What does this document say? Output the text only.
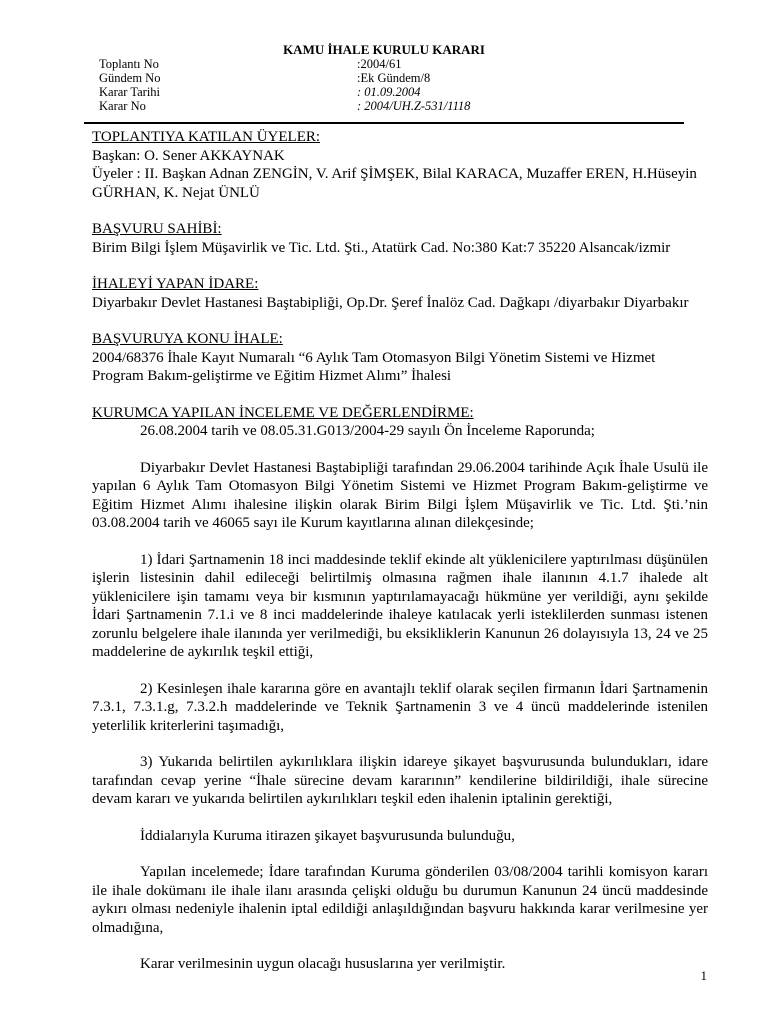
KAMU İHALE KURULU KARARI
Toplantı No	:2004/61
Gündem No	:Ek Gündem/8
Karar Tarihi	: 01.09.2004
Karar No	: 2004/UH.Z-531/1118

TOPLANTIYA KATILAN ÜYELER:

Başkan: O. Sener AKKAYNAK

Üyeler : II. Başkan Adnan ZENGİN, V. Arif ŞİMŞEK, Bilal KARACA, Muzaffer EREN, H.Hüseyin GÜRHAN, K. Nejat ÜNLÜ

BAŞVURU SAHİBİ:

Birim Bilgi İşlem Müşavirlik ve Tic. Ltd. Şti., Atatürk Cad. No:380 Kat:7 35220 Alsancak/izmir

İHALEYİ YAPAN İDARE:

Diyarbakır Devlet Hastanesi Baştabipliği, Op.Dr. Şeref İnalöz Cad. Dağkapı /diyarbakır Diyarbakır

BAŞVURUYA KONU İHALE:

2004/68376 İhale Kayıt Numaralı “6 Aylık Tam Otomasyon Bilgi Yönetim Sistemi ve Hizmet Program Bakım-geliştirme ve Eğitim Hizmet Alımı” İhalesi

KURUMCA YAPILAN İNCELEME VE DEĞERLENDİRME:

26.08.2004 tarih ve 08.05.31.G013/2004-29 sayılı Ön İnceleme Raporunda;

Diyarbakır Devlet Hastanesi Baştabipliği tarafından 29.06.2004 tarihinde Açık İhale Usulü ile yapılan 6 Aylık Tam Otomasyon Bilgi Yönetim Sistemi ve Hizmet Program Bakım-geliştirme ve Eğitim Hizmet Alımı ihalesine ilişkin olarak Birim Bilgi İşlem Müşavirlik ve Tic. Ltd. Şti.’nin 03.08.2004 tarih ve 46065 sayı ile Kurum kayıtlarına alınan dilekçesinde;

1) İdari Şartnamenin 18 inci maddesinde teklif ekinde alt yüklenicilere yaptırılması düşünülen işlerin listesinin dahil edileceği belirtilmiş olmasına rağmen ihale ilanının 4.1.7 ihalede alt yüklenicilere işin tamamı veya bir kısmının yaptırılamayacağı hükmüne yer verildiği, aynı şekilde İdari Şartnamenin 7.1.i ve 8 inci maddelerinde ihaleye katılacak yerli isteklilerden sunması istenen zorunlu belgelere ihale ilanında yer verilmediği, bu eksikliklerin Kanunun 26 dolayısıyla 13, 24 ve 25 maddelerine de aykırılık teşkil ettiği,

2) Kesinleşen ihale kararına göre en avantajlı teklif olarak seçilen firmanın İdari Şartnamenin 7.3.1, 7.3.1.g, 7.3.2.h maddelerinde ve Teknik Şartnamenin 3 ve 4 üncü maddelerinde istenilen yeterlilik kriterlerini taşımadığı,

3) Yukarıda belirtilen aykırılıklara ilişkin idareye şikayet başvurusunda bulundukları, idare tarafından cevap yerine “İhale sürecine devam kararının” kendilerine bildirildiği, ihale sürecine devam kararı ve yukarıda belirtilen aykırılıkları teşkil eden ihalenin iptalinin gerektiği,

İddialarıyla Kuruma itirazen şikayet başvurusunda bulunduğu,

Yapılan incelemede; İdare tarafından Kuruma gönderilen 03/08/2004 tarihli komisyon kararı ile ihale dokümanı ile ihale ilanı arasında çelişki olduğu bu durumun Kanunun 24 üncü maddesinde aykırı olması nedeniyle ihalenin iptal edildiği anlaşıldığından başvuru hakkında karar verilmesine yer olmadığına,

Karar verilmesinin uygun olacağı hususlarına yer verilmiştir.

1
